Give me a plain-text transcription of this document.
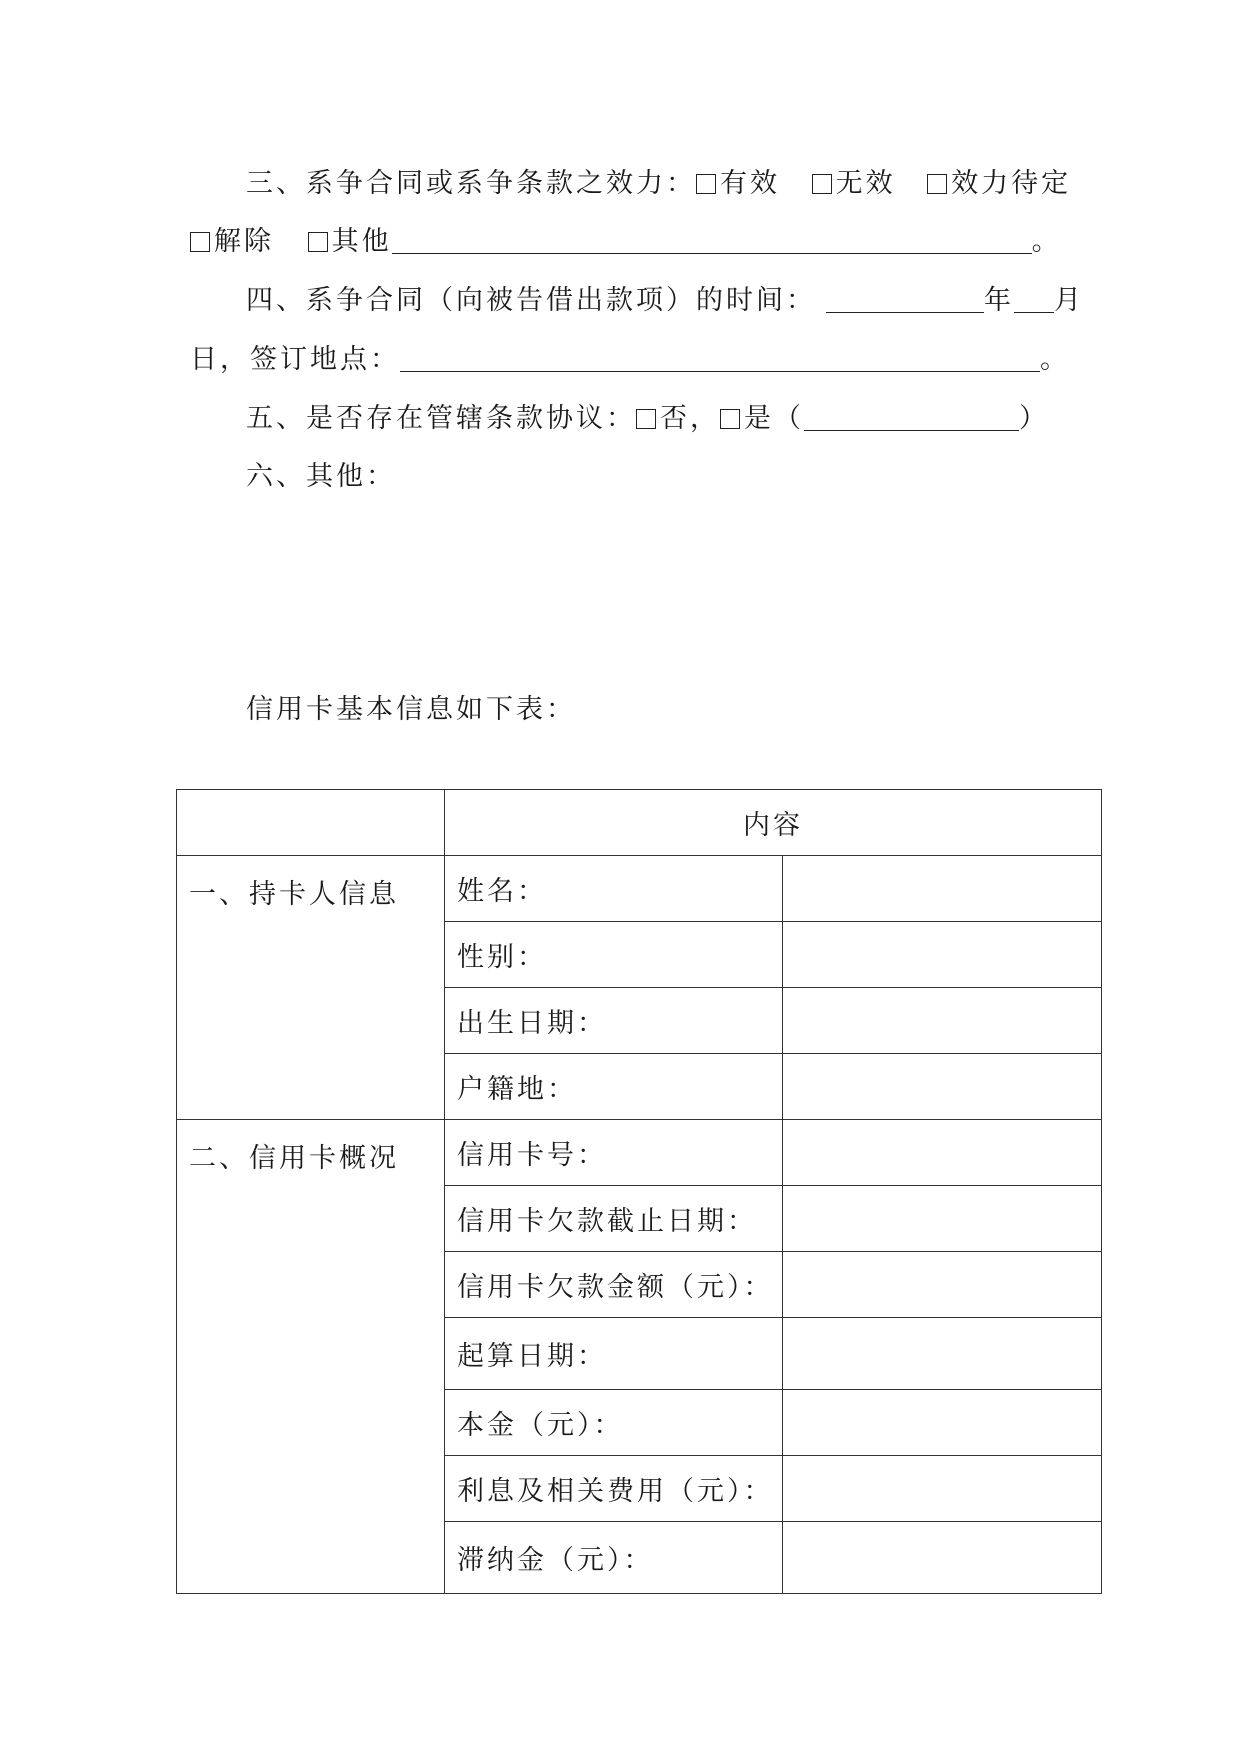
三、系争合同或系争条款之效力： 有效 无效 效力待定
解除 其他	。
四、系争合同（向被告借出款项）的时间：	年 月
日，签订地点：	。
五、是否存在管辖条款协议： 否， 是（	）
六、其他：
信用卡基本信息如下表：
	内容	
一、持卡人信息	姓名：	
	性别：	
	出生日期：	
	户籍地：	
二、信用卡概况	信用卡号：	
	信用卡欠款截止日期：	
	信用卡欠款金额（元）：	
	起算日期：	
	本金（元）：	
	利息及相关费用（元）：	
	滞纳金（元）：	
